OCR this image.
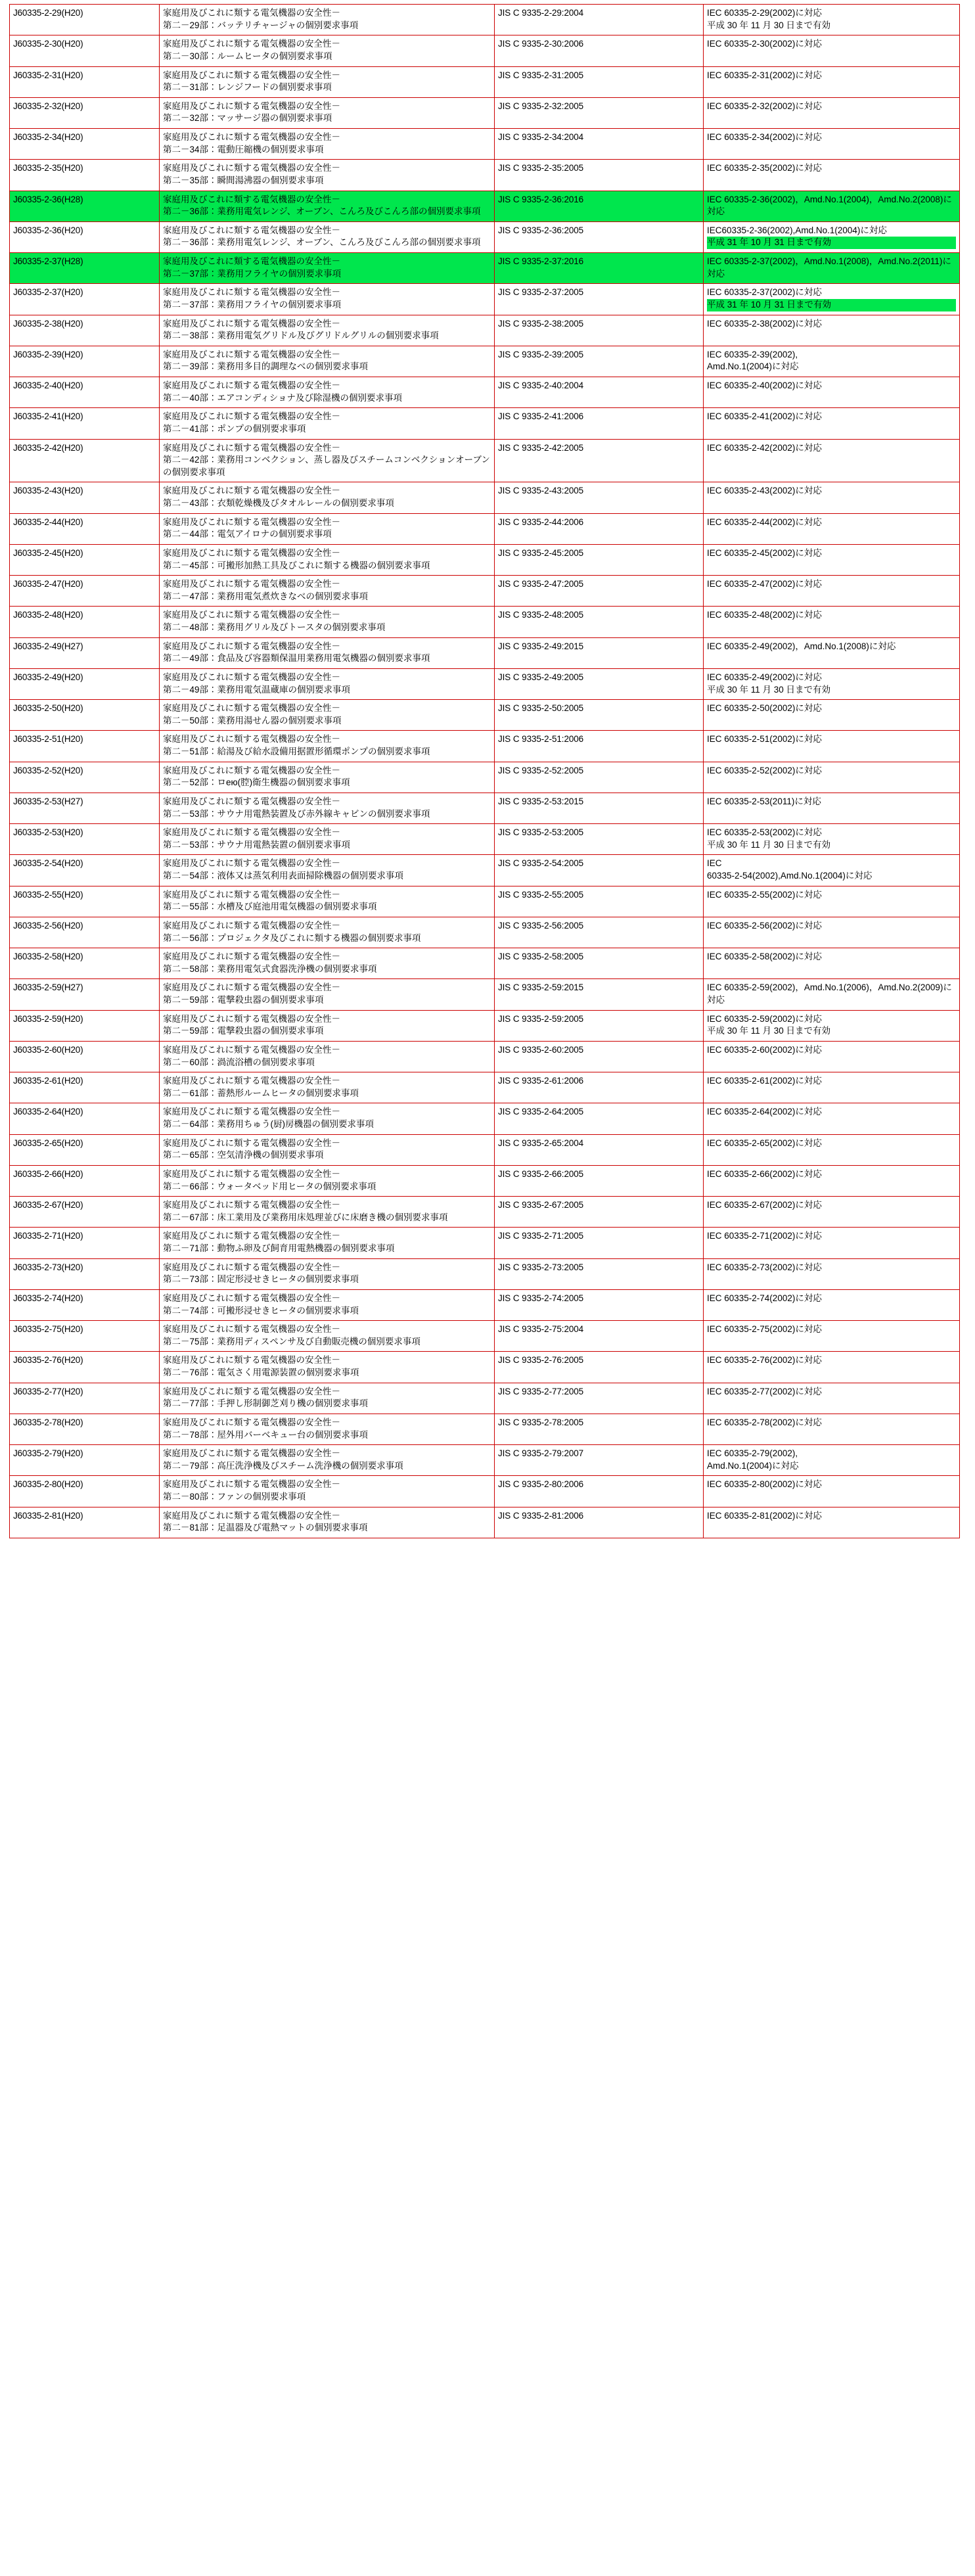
J60335-2-29(H20)	家庭用及びこれに類する電気機器の安全性－
第二－29部：バッテリチャージャの個別要求事項	JIS C 9335-2-29:2004	IEC 60335-2-29(2002)に対応
平成 30 年 11 月 30 日まで有効

J60335-2-30(H20)	家庭用及びこれに類する電気機器の安全性－
第二－30部：ルームヒータの個別要求事項	JIS C 9335-2-30:2006	IEC 60335-2-30(2002)に対応

J60335-2-31(H20)	家庭用及びこれに類する電気機器の安全性－
第二－31部：レンジフードの個別要求事項	JIS C 9335-2-31:2005	IEC 60335-2-31(2002)に対応

J60335-2-32(H20)	家庭用及びこれに類する電気機器の安全性－
第二－32部：マッサージ器の個別要求事項	JIS C 9335-2-32:2005	IEC 60335-2-32(2002)に対応

J60335-2-34(H20)	家庭用及びこれに類する電気機器の安全性－
第二－34部：電動圧縮機の個別要求事項	JIS C 9335-2-34:2004	IEC 60335-2-34(2002)に対応

J60335-2-35(H20)	家庭用及びこれに類する電気機器の安全性－
第二－35部：瞬間湯沸器の個別要求事項	JIS C 9335-2-35:2005	IEC 60335-2-35(2002)に対応

J60335-2-36(H28)	家庭用及びこれに類する電気機器の安全性－
第二－36部：業務用電気レンジ、オーブン、こんろ及びこんろ部の個別要求事項	JIS C 9335-2-36:2016	IEC 60335-2-36(2002)，Amd.No.1(2004)，Amd.No.2(2008)に対応

J60335-2-36(H20)	家庭用及びこれに類する電気機器の安全性－
第二－36部：業務用電気レンジ、オーブン、こんろ及びこんろ部の個別要求事項	JIS C 9335-2-36:2005	IEC60335-2-36(2002),Amd.No.1(2004)に対応
平成 31 年 10 月 31 日まで有効

J60335-2-37(H28)	家庭用及びこれに類する電気機器の安全性－
第二－37部：業務用フライヤの個別要求事項	JIS C 9335-2-37:2016	IEC 60335-2-37(2002)，Amd.No.1(2008)，Amd.No.2(2011)に対応

J60335-2-37(H20)	家庭用及びこれに類する電気機器の安全性－
第二－37部：業務用フライヤの個別要求事項	JIS C 9335-2-37:2005	IEC 60335-2-37(2002)に対応
平成 31 年 10 月 31 日まで有効

J60335-2-38(H20)	家庭用及びこれに類する電気機器の安全性－
第二－38部：業務用電気グリドル及びグリドルグリルの個別要求事項	JIS C 9335-2-38:2005	IEC 60335-2-38(2002)に対応

J60335-2-39(H20)	家庭用及びこれに類する電気機器の安全性－
第二－39部：業務用多目的調理なべの個別要求事項	JIS C 9335-2-39:2005	IEC 60335-2-39(2002),
Amd.No.1(2004)に対応

J60335-2-40(H20)	家庭用及びこれに類する電気機器の安全性－
第二－40部：エアコンディショナ及び除湿機の個別要求事項	JIS C 9335-2-40:2004	IEC 60335-2-40(2002)に対応

J60335-2-41(H20)	家庭用及びこれに類する電気機器の安全性－
第二－41部：ポンプの個別要求事項	JIS C 9335-2-41:2006	IEC 60335-2-41(2002)に対応

J60335-2-42(H20)	家庭用及びこれに類する電気機器の安全性－
第二－42部：業務用コンベクション、蒸し器及びスチームコンベクションオーブンの個別要求事項	JIS C 9335-2-42:2005	IEC 60335-2-42(2002)に対応

J60335-2-43(H20)	家庭用及びこれに類する電気機器の安全性－
第二－43部：衣類乾燥機及びタオルレールの個別要求事項	JIS C 9335-2-43:2005	IEC 60335-2-43(2002)に対応

J60335-2-44(H20)	家庭用及びこれに類する電気機器の安全性－
第二－44部：電気アイロナの個別要求事項	JIS C 9335-2-44:2006	IEC 60335-2-44(2002)に対応

J60335-2-45(H20)	家庭用及びこれに類する電気機器の安全性－
第二－45部：可搬形加熱工具及びこれに類する機器の個別要求事項	JIS C 9335-2-45:2005	IEC 60335-2-45(2002)に対応

J60335-2-47(H20)	家庭用及びこれに類する電気機器の安全性－
第二－47部：業務用電気煮炊きなべの個別要求事項	JIS C 9335-2-47:2005	IEC 60335-2-47(2002)に対応

J60335-2-48(H20)	家庭用及びこれに類する電気機器の安全性－
第二－48部：業務用グリル及びトースタの個別要求事項	JIS C 9335-2-48:2005	IEC 60335-2-48(2002)に対応

J60335-2-49(H27)	家庭用及びこれに類する電気機器の安全性－
第二－49部：食品及び容器類保温用業務用電気機器の個別要求事項	JIS C 9335-2-49:2015	IEC 60335-2-49(2002)，Amd.No.1(2008)に対応

J60335-2-49(H20)	家庭用及びこれに類する電気機器の安全性－
第二－49部：業務用電気温蔵庫の個別要求事項	JIS C 9335-2-49:2005	IEC 60335-2-49(2002)に対応
平成 30 年 11 月 30 日まで有効

J60335-2-50(H20)	家庭用及びこれに類する電気機器の安全性－
第二－50部：業務用湯せん器の個別要求事項	JIS C 9335-2-50:2005	IEC 60335-2-50(2002)に対応

J60335-2-51(H20)	家庭用及びこれに類する電気機器の安全性－
第二－51部：給湯及び給水設備用据置形循環ポンプの個別要求事項	JIS C 9335-2-51:2006	IEC 60335-2-51(2002)に対応

J60335-2-52(H20)	家庭用及びこれに類する電気機器の安全性－
第二－52部：ロею(腔)衛生機器の個別要求事項	JIS C 9335-2-52:2005	IEC 60335-2-52(2002)に対応

J60335-2-53(H27)	家庭用及びこれに類する電気機器の安全性－
第二－53部：サウナ用電熱装置及び赤外線キャビンの個別要求事項	JIS C 9335-2-53:2015	IEC 60335-2-53(2011)に対応

J60335-2-53(H20)	家庭用及びこれに類する電気機器の安全性－
第二－53部：サウナ用電熱装置の個別要求事項	JIS C 9335-2-53:2005	IEC 60335-2-53(2002)に対応
平成 30 年 11 月 30 日まで有効

J60335-2-54(H20)	家庭用及びこれに類する電気機器の安全性－
第二－54部：液体又は蒸気利用表面掃除機器の個別要求事項	JIS C 9335-2-54:2005	IEC
60335-2-54(2002),Amd.No.1(2004)に対応

J60335-2-55(H20)	家庭用及びこれに類する電気機器の安全性－
第二－55部：水槽及び庭池用電気機器の個別要求事項	JIS C 9335-2-55:2005	IEC 60335-2-55(2002)に対応

J60335-2-56(H20)	家庭用及びこれに類する電気機器の安全性－
第二－56部：プロジェクタ及びこれに類する機器の個別要求事項	JIS C 9335-2-56:2005	IEC 60335-2-56(2002)に対応

J60335-2-58(H20)	家庭用及びこれに類する電気機器の安全性－
第二－58部：業務用電気式食器洗浄機の個別要求事項	JIS C 9335-2-58:2005	IEC 60335-2-58(2002)に対応

J60335-2-59(H27)	家庭用及びこれに類する電気機器の安全性－
第二－59部：電撃殺虫器の個別要求事項	JIS C 9335-2-59:2015	IEC 60335-2-59(2002)，Amd.No.1(2006)，Amd.No.2(2009)に対応

J60335-2-59(H20)	家庭用及びこれに類する電気機器の安全性－
第二－59部：電撃殺虫器の個別要求事項	JIS C 9335-2-59:2005	IEC 60335-2-59(2002)に対応
平成 30 年 11 月 30 日まで有効

J60335-2-60(H20)	家庭用及びこれに類する電気機器の安全性－
第二－60部：渦流浴槽の個別要求事項	JIS C 9335-2-60:2005	IEC 60335-2-60(2002)に対応

J60335-2-61(H20)	家庭用及びこれに類する電気機器の安全性－
第二－61部：蓄熱形ルームヒータの個別要求事項	JIS C 9335-2-61:2006	IEC 60335-2-61(2002)に対応

J60335-2-64(H20)	家庭用及びこれに類する電気機器の安全性－
第二－64部：業務用ちゅう(厨)房機器の個別要求事項	JIS C 9335-2-64:2005	IEC 60335-2-64(2002)に対応

J60335-2-65(H20)	家庭用及びこれに類する電気機器の安全性－
第二－65部：空気清浄機の個別要求事項	JIS C 9335-2-65:2004	IEC 60335-2-65(2002)に対応

J60335-2-66(H20)	家庭用及びこれに類する電気機器の安全性－
第二－66部：ウォータベッド用ヒータの個別要求事項	JIS C 9335-2-66:2005	IEC 60335-2-66(2002)に対応

J60335-2-67(H20)	家庭用及びこれに類する電気機器の安全性－
第二－67部：床工業用及び業務用床処理並びに床磨き機の個別要求事項	JIS C 9335-2-67:2005	IEC 60335-2-67(2002)に対応

J60335-2-71(H20)	家庭用及びこれに類する電気機器の安全性－
第二－71部：動物ふ卵及び飼育用電熱機器の個別要求事項	JIS C 9335-2-71:2005	IEC 60335-2-71(2002)に対応

J60335-2-73(H20)	家庭用及びこれに類する電気機器の安全性－
第二－73部：固定形浸せきヒータの個別要求事項	JIS C 9335-2-73:2005	IEC 60335-2-73(2002)に対応

J60335-2-74(H20)	家庭用及びこれに類する電気機器の安全性－
第二－74部：可搬形浸せきヒータの個別要求事項	JIS C 9335-2-74:2005	IEC 60335-2-74(2002)に対応

J60335-2-75(H20)	家庭用及びこれに類する電気機器の安全性－
第二－75部：業務用ディスペンサ及び自動販売機の個別要求事項	JIS C 9335-2-75:2004	IEC 60335-2-75(2002)に対応

J60335-2-76(H20)	家庭用及びこれに類する電気機器の安全性－
第二－76部：電気さく用電源装置の個別要求事項	JIS C 9335-2-76:2005	IEC 60335-2-76(2002)に対応

J60335-2-77(H20)	家庭用及びこれに類する電気機器の安全性－
第二－77部：手押し形制御芝刈り機の個別要求事項	JIS C 9335-2-77:2005	IEC 60335-2-77(2002)に対応

J60335-2-78(H20)	家庭用及びこれに類する電気機器の安全性－
第二－78部：屋外用バーベキュー台の個別要求事項	JIS C 9335-2-78:2005	IEC 60335-2-78(2002)に対応

J60335-2-79(H20)	家庭用及びこれに類する電気機器の安全性－
第二－79部：高圧洗浄機及びスチーム洗浄機の個別要求事項	JIS C 9335-2-79:2007	IEC 60335-2-79(2002),
Amd.No.1(2004)に対応

J60335-2-80(H20)	家庭用及びこれに類する電気機器の安全性－
第二－80部：ファンの個別要求事項	JIS C 9335-2-80:2006	IEC 60335-2-80(2002)に対応

J60335-2-81(H20)	家庭用及びこれに類する電気機器の安全性－
第二－81部：足温器及び電熱マットの個別要求事項	JIS C 9335-2-81:2006	IEC 60335-2-81(2002)に対応
